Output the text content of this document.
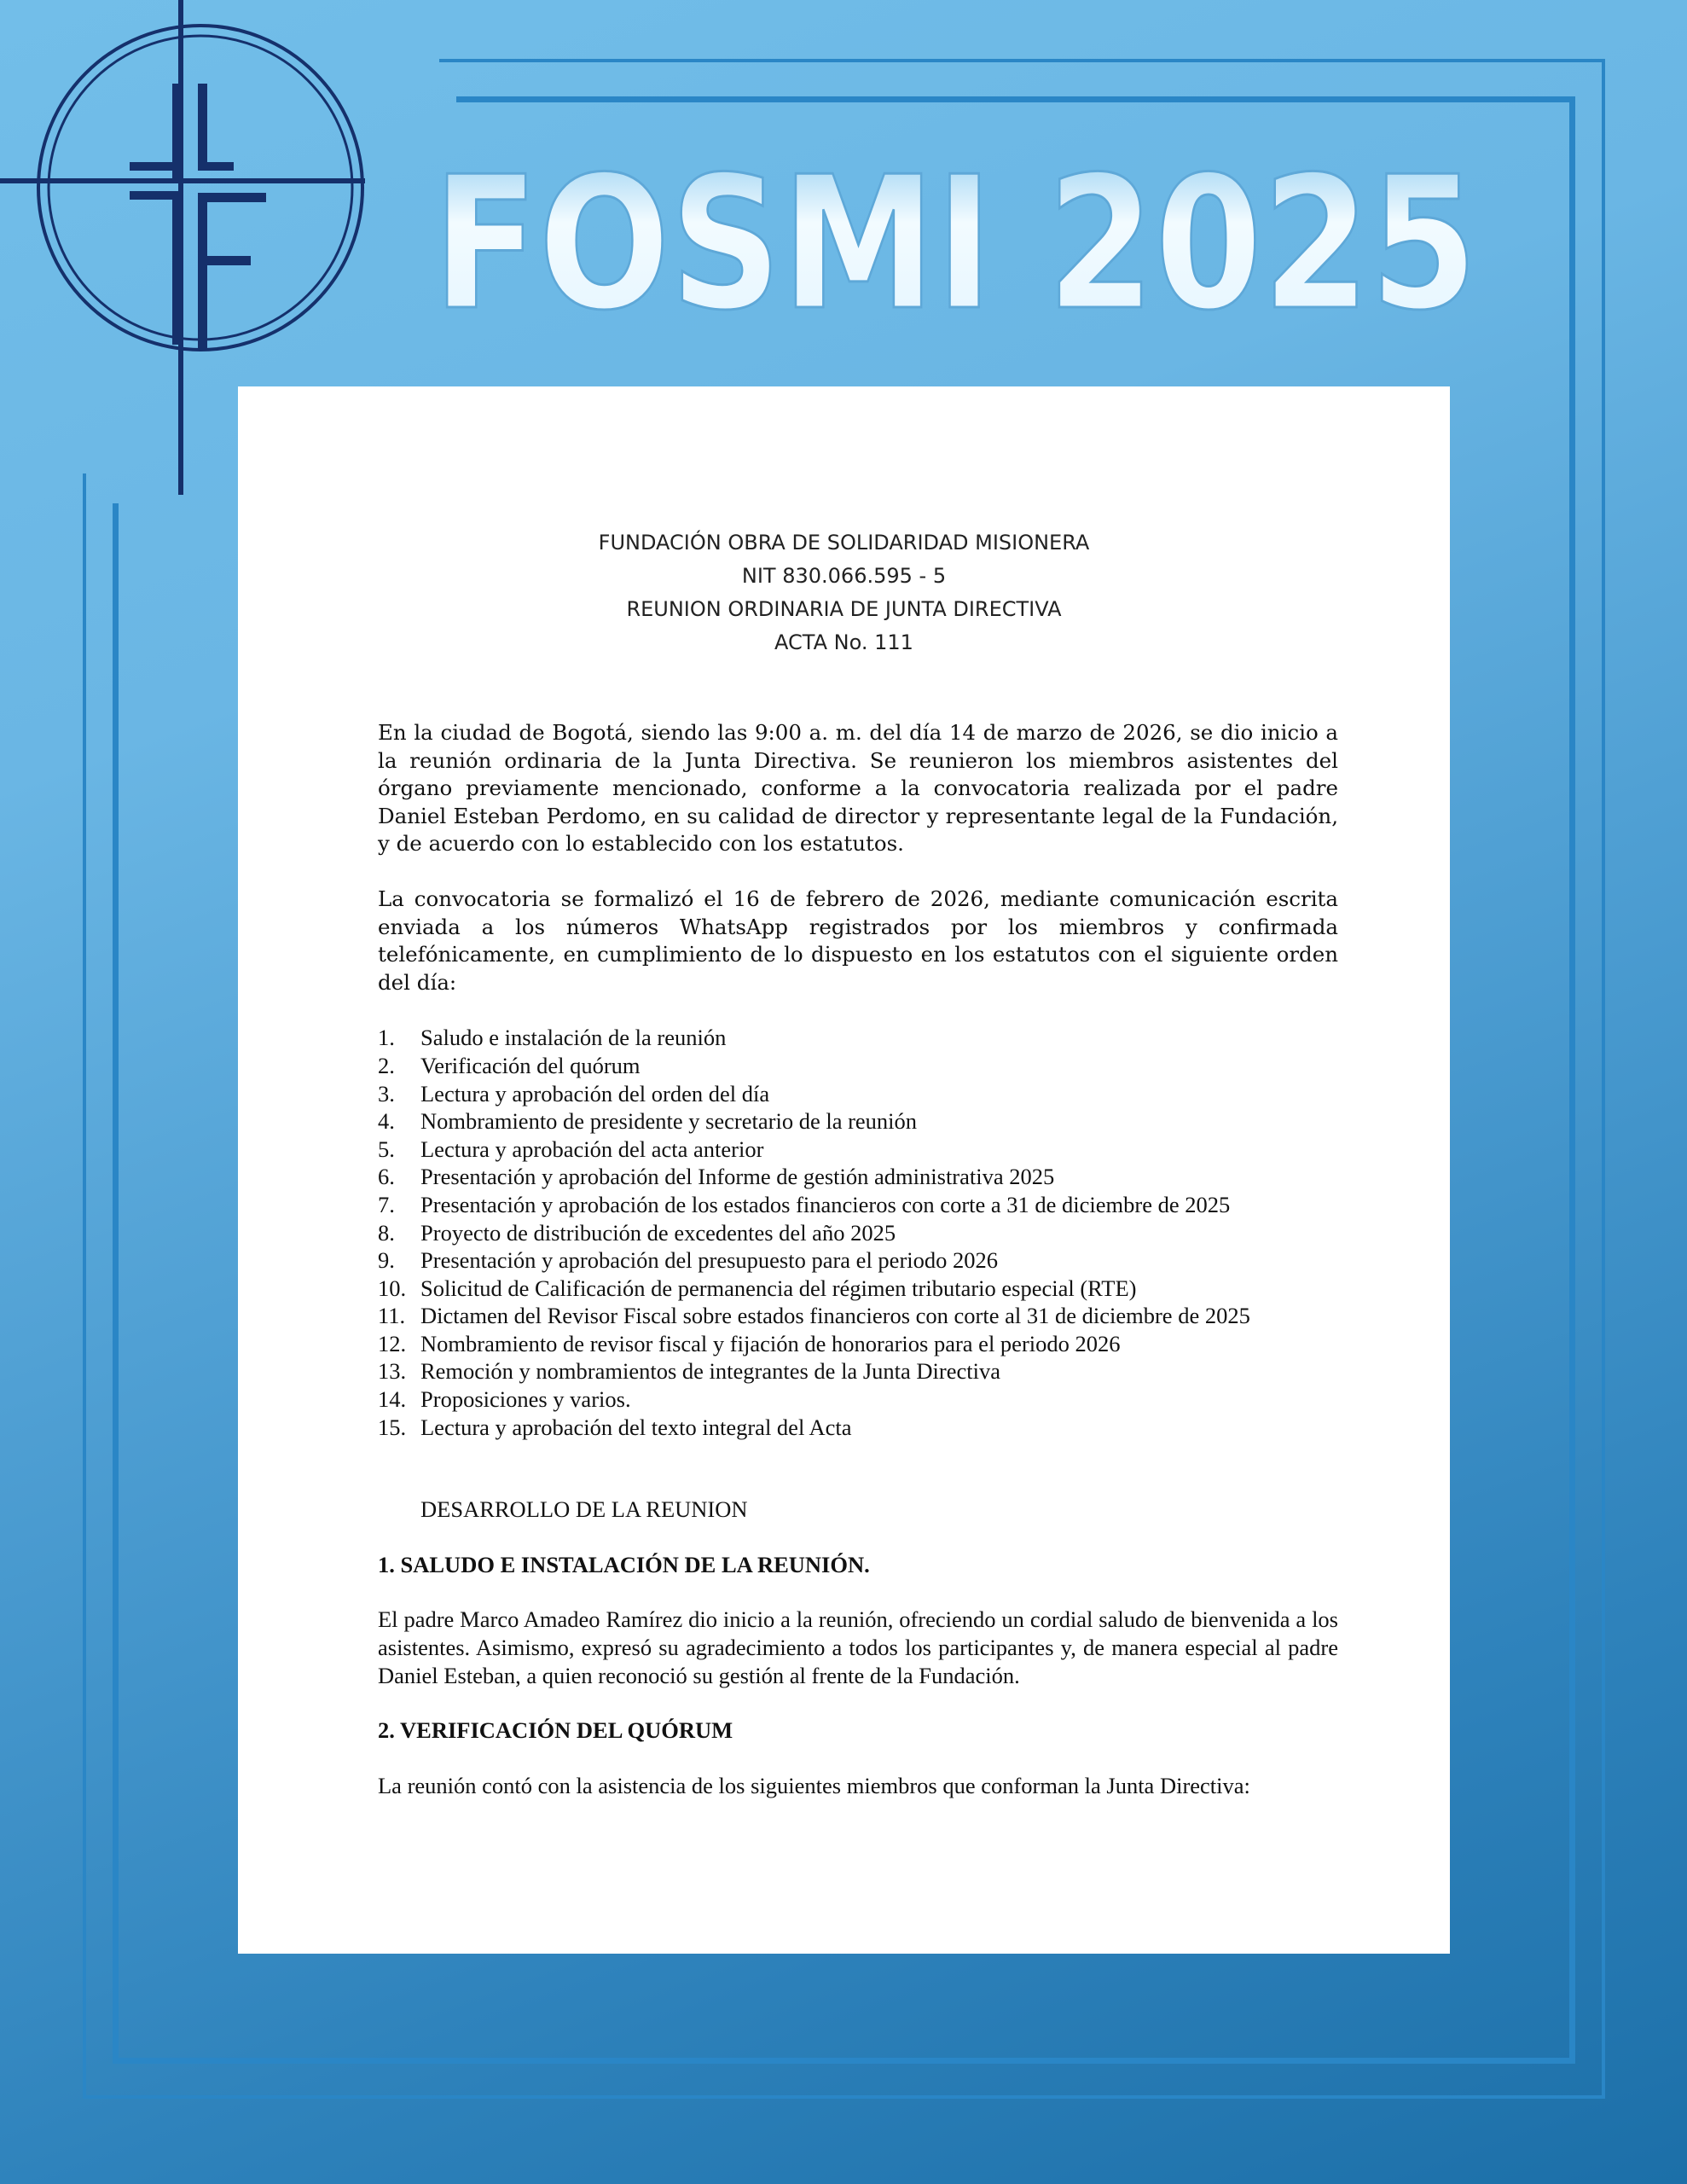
FOSMI 2025
FUNDACIÓN OBRA DE SOLIDARIDAD MISIONERA
NIT 830.066.595 - 5
REUNION ORDINARIA DE JUNTA DIRECTIVA
ACTA No. 111

En la ciudad de Bogotá, siendo las 9:00 a. m. del día 14 de marzo de 2026, se dio inicio a la reunión ordinaria de la Junta Directiva. Se reunieron los miembros asistentes del órgano previamente mencionado, conforme a la convocatoria realizada por el padre Daniel Esteban Perdomo, en su calidad de director y representante legal de la Fundación, y de acuerdo con lo establecido con los estatutos.

La convocatoria se formalizó el 16 de febrero de 2026, mediante comunicación escrita enviada a los números WhatsApp registrados por los miembros y confirmada telefónicamente, en cumplimiento de lo dispuesto en los estatutos con el siguiente orden del día:

1.	Saludo e instalación de la reunión
2.	Verificación del quórum
3.	Lectura y aprobación del orden del día
4.	Nombramiento de presidente y secretario de la reunión
5.	Lectura y aprobación del acta anterior
6.	Presentación y aprobación del Informe de gestión administrativa 2025
7.	Presentación y aprobación de los estados financieros con corte a 31 de diciembre de 2025
8.	Proyecto de distribución de excedentes del año 2025
9.	Presentación y aprobación del presupuesto para el periodo 2026
10. Solicitud de Calificación de permanencia del régimen tributario especial (RTE)
11. Dictamen del Revisor Fiscal sobre estados financieros con corte al 31 de diciembre de 2025
12. Nombramiento de revisor fiscal y fijación de honorarios para el periodo 2026
13. Remoción y nombramientos de integrantes de la Junta Directiva
14. Proposiciones y varios.
15. Lectura y aprobación del texto integral del Acta
DESARROLLO DE LA REUNION
1. SALUDO E INSTALACIÓN DE LA REUNIÓN.

El padre Marco Amadeo Ramírez dio inicio a la reunión, ofreciendo un cordial saludo de bienvenida a los asistentes. Asimismo, expresó su agradecimiento a todos los participantes y, de manera especial al padre Daniel Esteban, a quien reconoció su gestión al frente de la Fundación.

2. VERIFICACIÓN DEL QUÓRUM

La reunión contó con la asistencia de los siguientes miembros que conforman la Junta Directiva:
